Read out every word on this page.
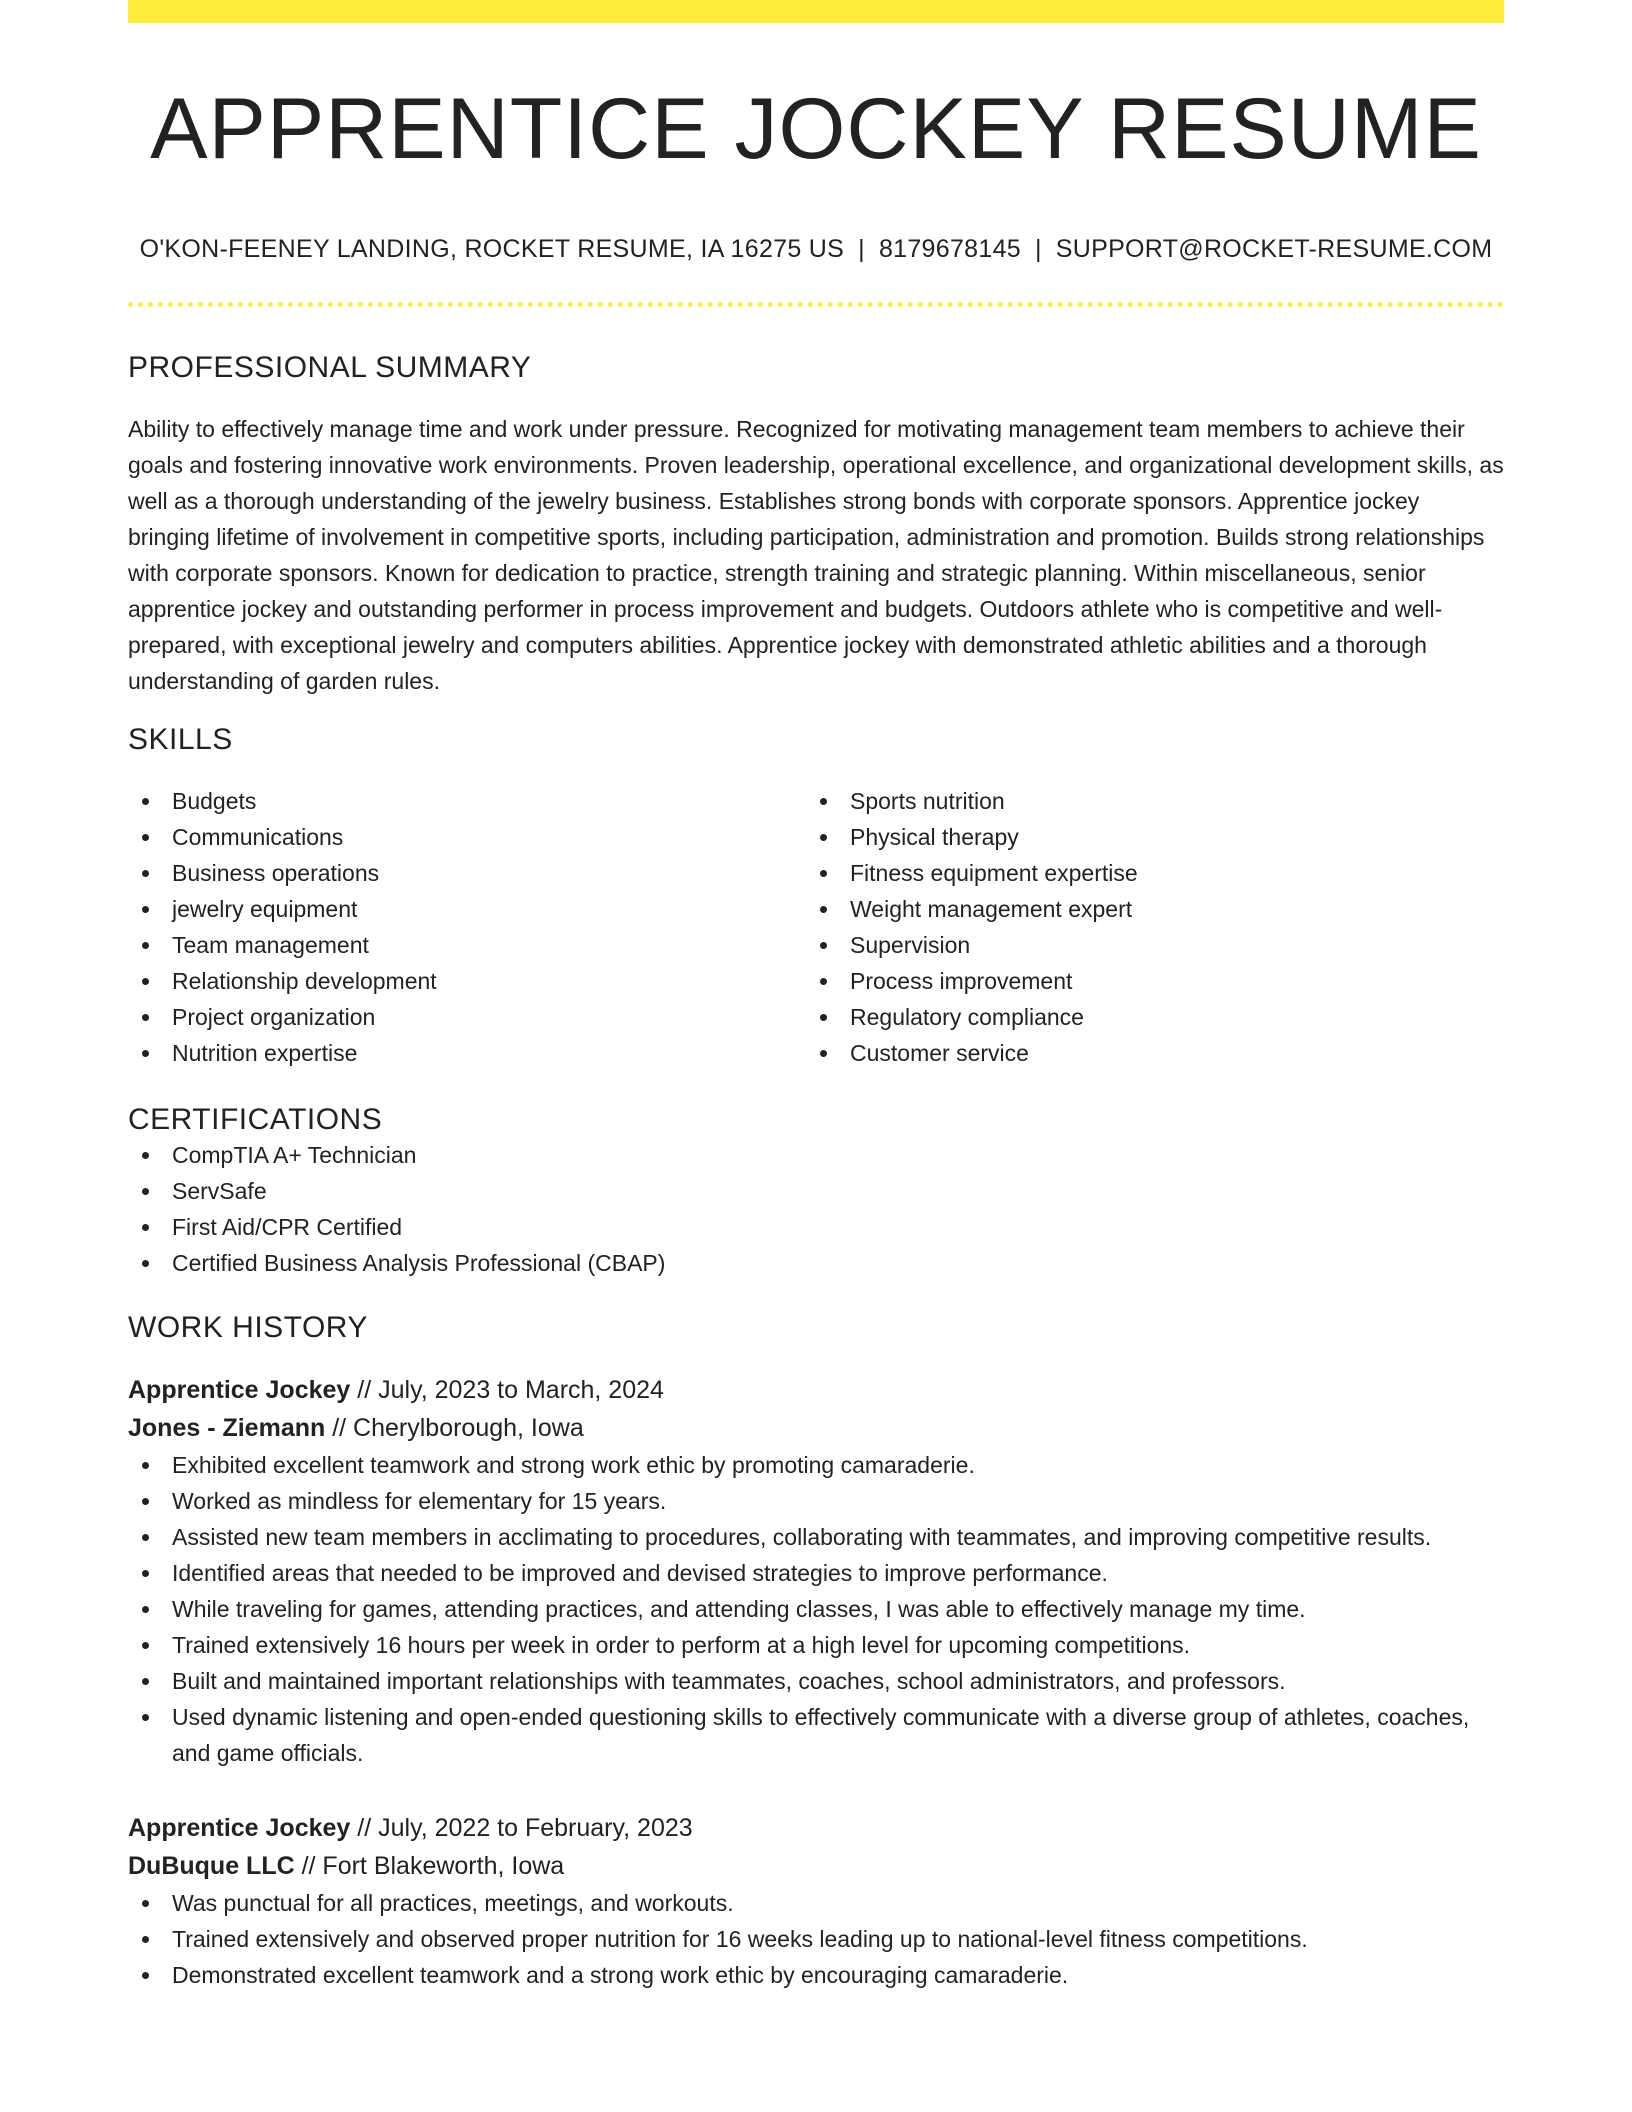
APPRENTICE JOCKEY RESUME
O'KON-FEENEY LANDING, ROCKET RESUME, IA 16275 US | 8179678145 | SUPPORT@ROCKET-RESUME.COM
PROFESSIONAL SUMMARY

Ability to effectively manage time and work under pressure. Recognized for motivating management team members to achieve their goals and fostering innovative work environments. Proven leadership, operational excellence, and organizational development skills, as well as a thorough understanding of the jewelry business. Establishes strong bonds with corporate sponsors. Apprentice jockey bringing lifetime of involvement in competitive sports, including participation, administration and promotion. Builds strong relationships with corporate sponsors. Known for dedication to practice, strength training and strategic planning. Within miscellaneous, senior apprentice jockey and outstanding performer in process improvement and budgets. Outdoors athlete who is competitive and well-prepared, with exceptional jewelry and computers abilities. Apprentice jockey with demonstrated athletic abilities and a thorough understanding of garden rules.

SKILLS
Budgets
Communications
Business operations
jewelry equipment
Team management
Relationship development
Project organization
Nutrition expertise
Sports nutrition
Physical therapy
Fitness equipment expertise
Weight management expert
Supervision
Process improvement
Regulatory compliance
Customer service
CERTIFICATIONS
CompTIA A+ Technician
ServSafe
First Aid/CPR Certified
Certified Business Analysis Professional (CBAP)
WORK HISTORY
Apprentice Jockey // July, 2023 to March, 2024
Jones - Ziemann // Cherylborough, Iowa
Exhibited excellent teamwork and strong work ethic by promoting camaraderie.
Worked as mindless for elementary for 15 years.
Assisted new team members in acclimating to procedures, collaborating with teammates, and improving competitive results.
Identified areas that needed to be improved and devised strategies to improve performance.
While traveling for games, attending practices, and attending classes, I was able to effectively manage my time.
Trained extensively 16 hours per week in order to perform at a high level for upcoming competitions.
Built and maintained important relationships with teammates, coaches, school administrators, and professors.
Used dynamic listening and open-ended questioning skills to effectively communicate with a diverse group of athletes, coaches, and game officials.
Apprentice Jockey // July, 2022 to February, 2023
DuBuque LLC // Fort Blakeworth, Iowa
Was punctual for all practices, meetings, and workouts.
Trained extensively and observed proper nutrition for 16 weeks leading up to national-level fitness competitions.
Demonstrated excellent teamwork and a strong work ethic by encouraging camaraderie.
